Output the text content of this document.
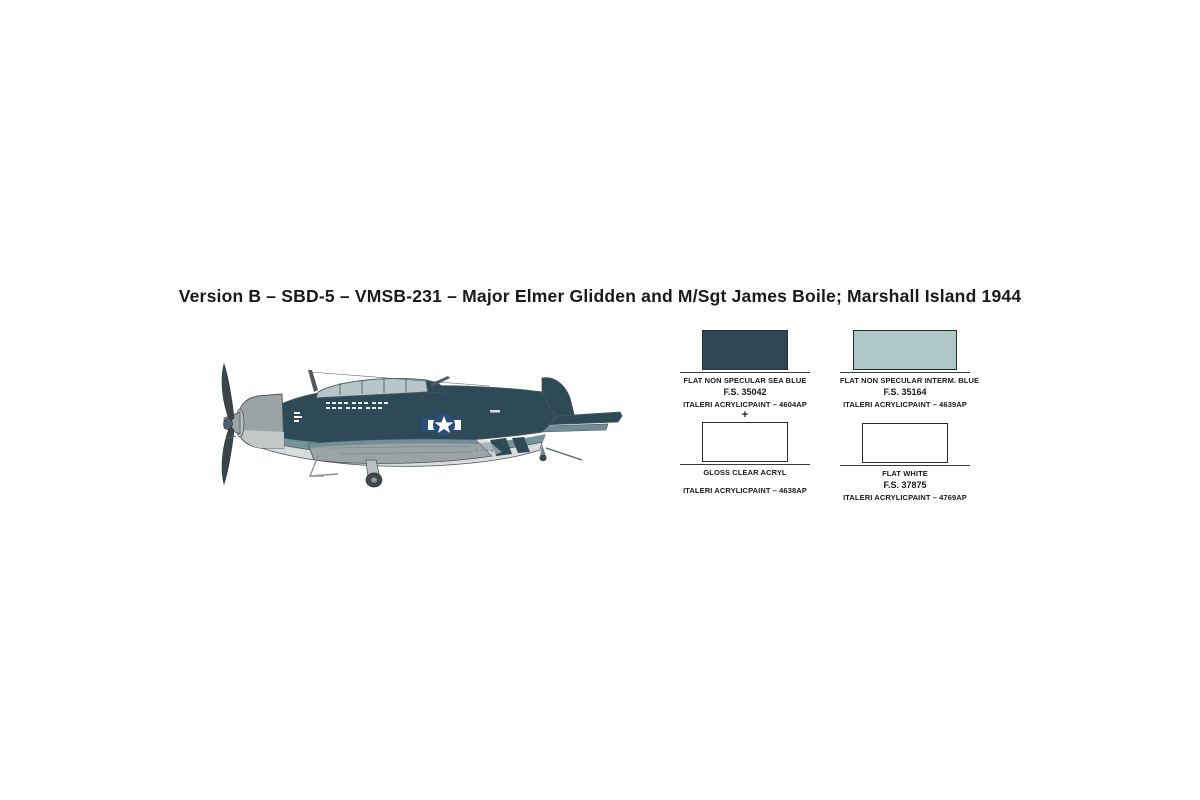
Version B – SBD-5 – VMSB-231 – Major Elmer Glidden and M/Sgt James Boile; Marshall Island 1944
FLAT NON SPECULAR SEA BLUE
F.S. 35042
ITALERI ACRYLICPAINT – 4604AP
+
GLOSS CLEAR ACRYL
ITALERI ACRYLICPAINT – 4638AP
FLAT NON SPECULAR INTERM. BLUE
F.S. 35164
ITALERI ACRYLICPAINT – 4639AP
FLAT WHITE
F.S. 37875
ITALERI ACRYLICPAINT – 4769AP
